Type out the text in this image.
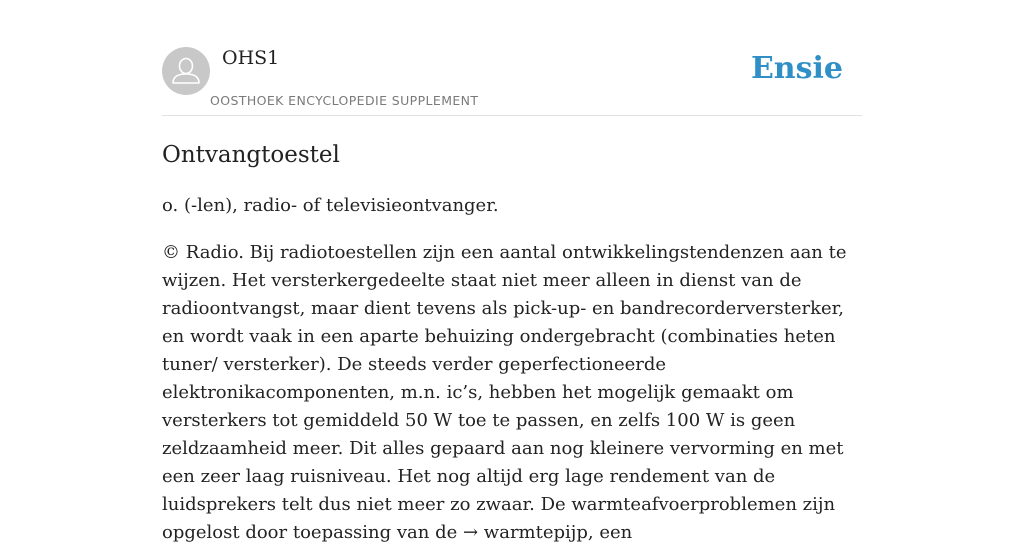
OHS1
OOSTHOEK ENCYCLOPEDIE SUPPLEMENT
Ensie
Ontvangtoestel

o. (-len), radio- of televisieontvanger.

© Radio. Bij radiotoestellen zijn een aantal ontwikkelingstendenzen aan te wijzen. Het versterkergedeelte staat niet meer alleen in dienst van de radioontvangst, maar dient tevens als pick-up- en bandrecorderversterker, en wordt vaak in een aparte behuizing ondergebracht (combinaties heten tuner/ versterker). De steeds verder geperfectioneerde elektronikacomponenten, m.n. ic’s, hebben het mogelijk gemaakt om versterkers tot gemiddeld 50 W toe te passen, en zelfs 100 W is geen zeldzaamheid meer. Dit alles gepaard aan nog kleinere vervorming en met een zeer laag ruisniveau. Het nog altijd erg lage rendement van de luidsprekers telt dus niet meer zo zwaar. De warmteafvoerproblemen zijn opgelost door toepassing van de → warmtepijp, een
